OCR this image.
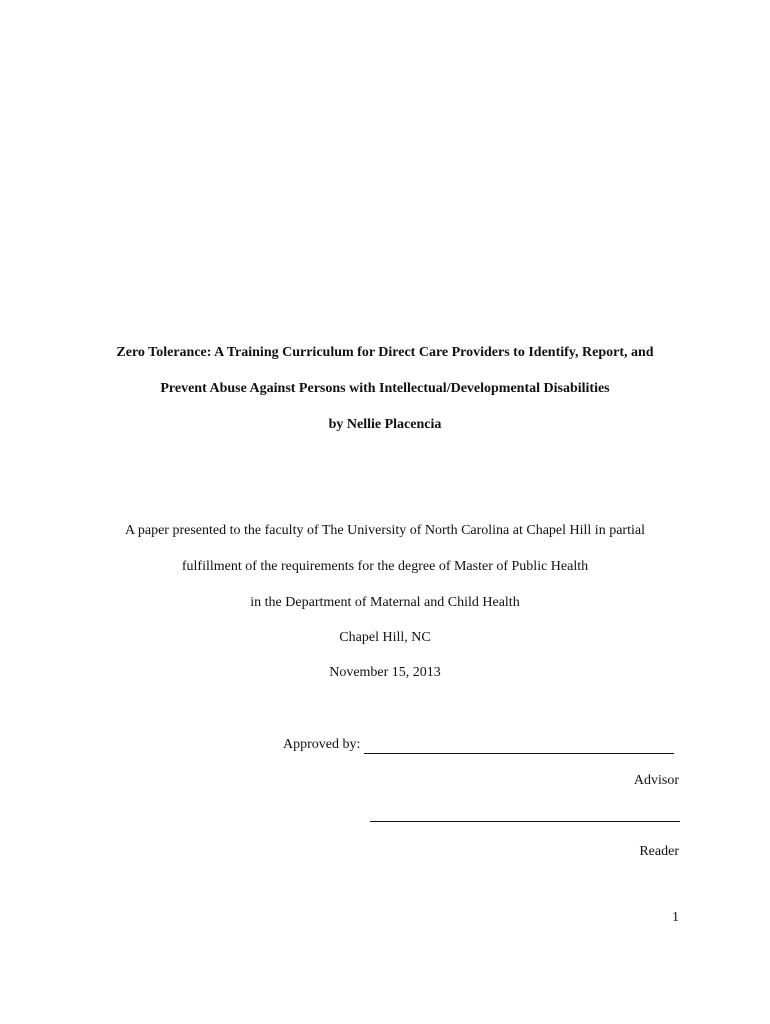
Zero Tolerance: A Training Curriculum for Direct Care Providers to Identify, Report, and
Prevent Abuse Against Persons with Intellectual/Developmental Disabilities
by Nellie Placencia
A paper presented to the faculty of The University of North Carolina at Chapel Hill in partial
fulfillment of the requirements for the degree of Master of Public Health
in the Department of Maternal and Child Health
Chapel Hill, NC
November 15, 2013
Approved by:
Advisor
Reader
1
